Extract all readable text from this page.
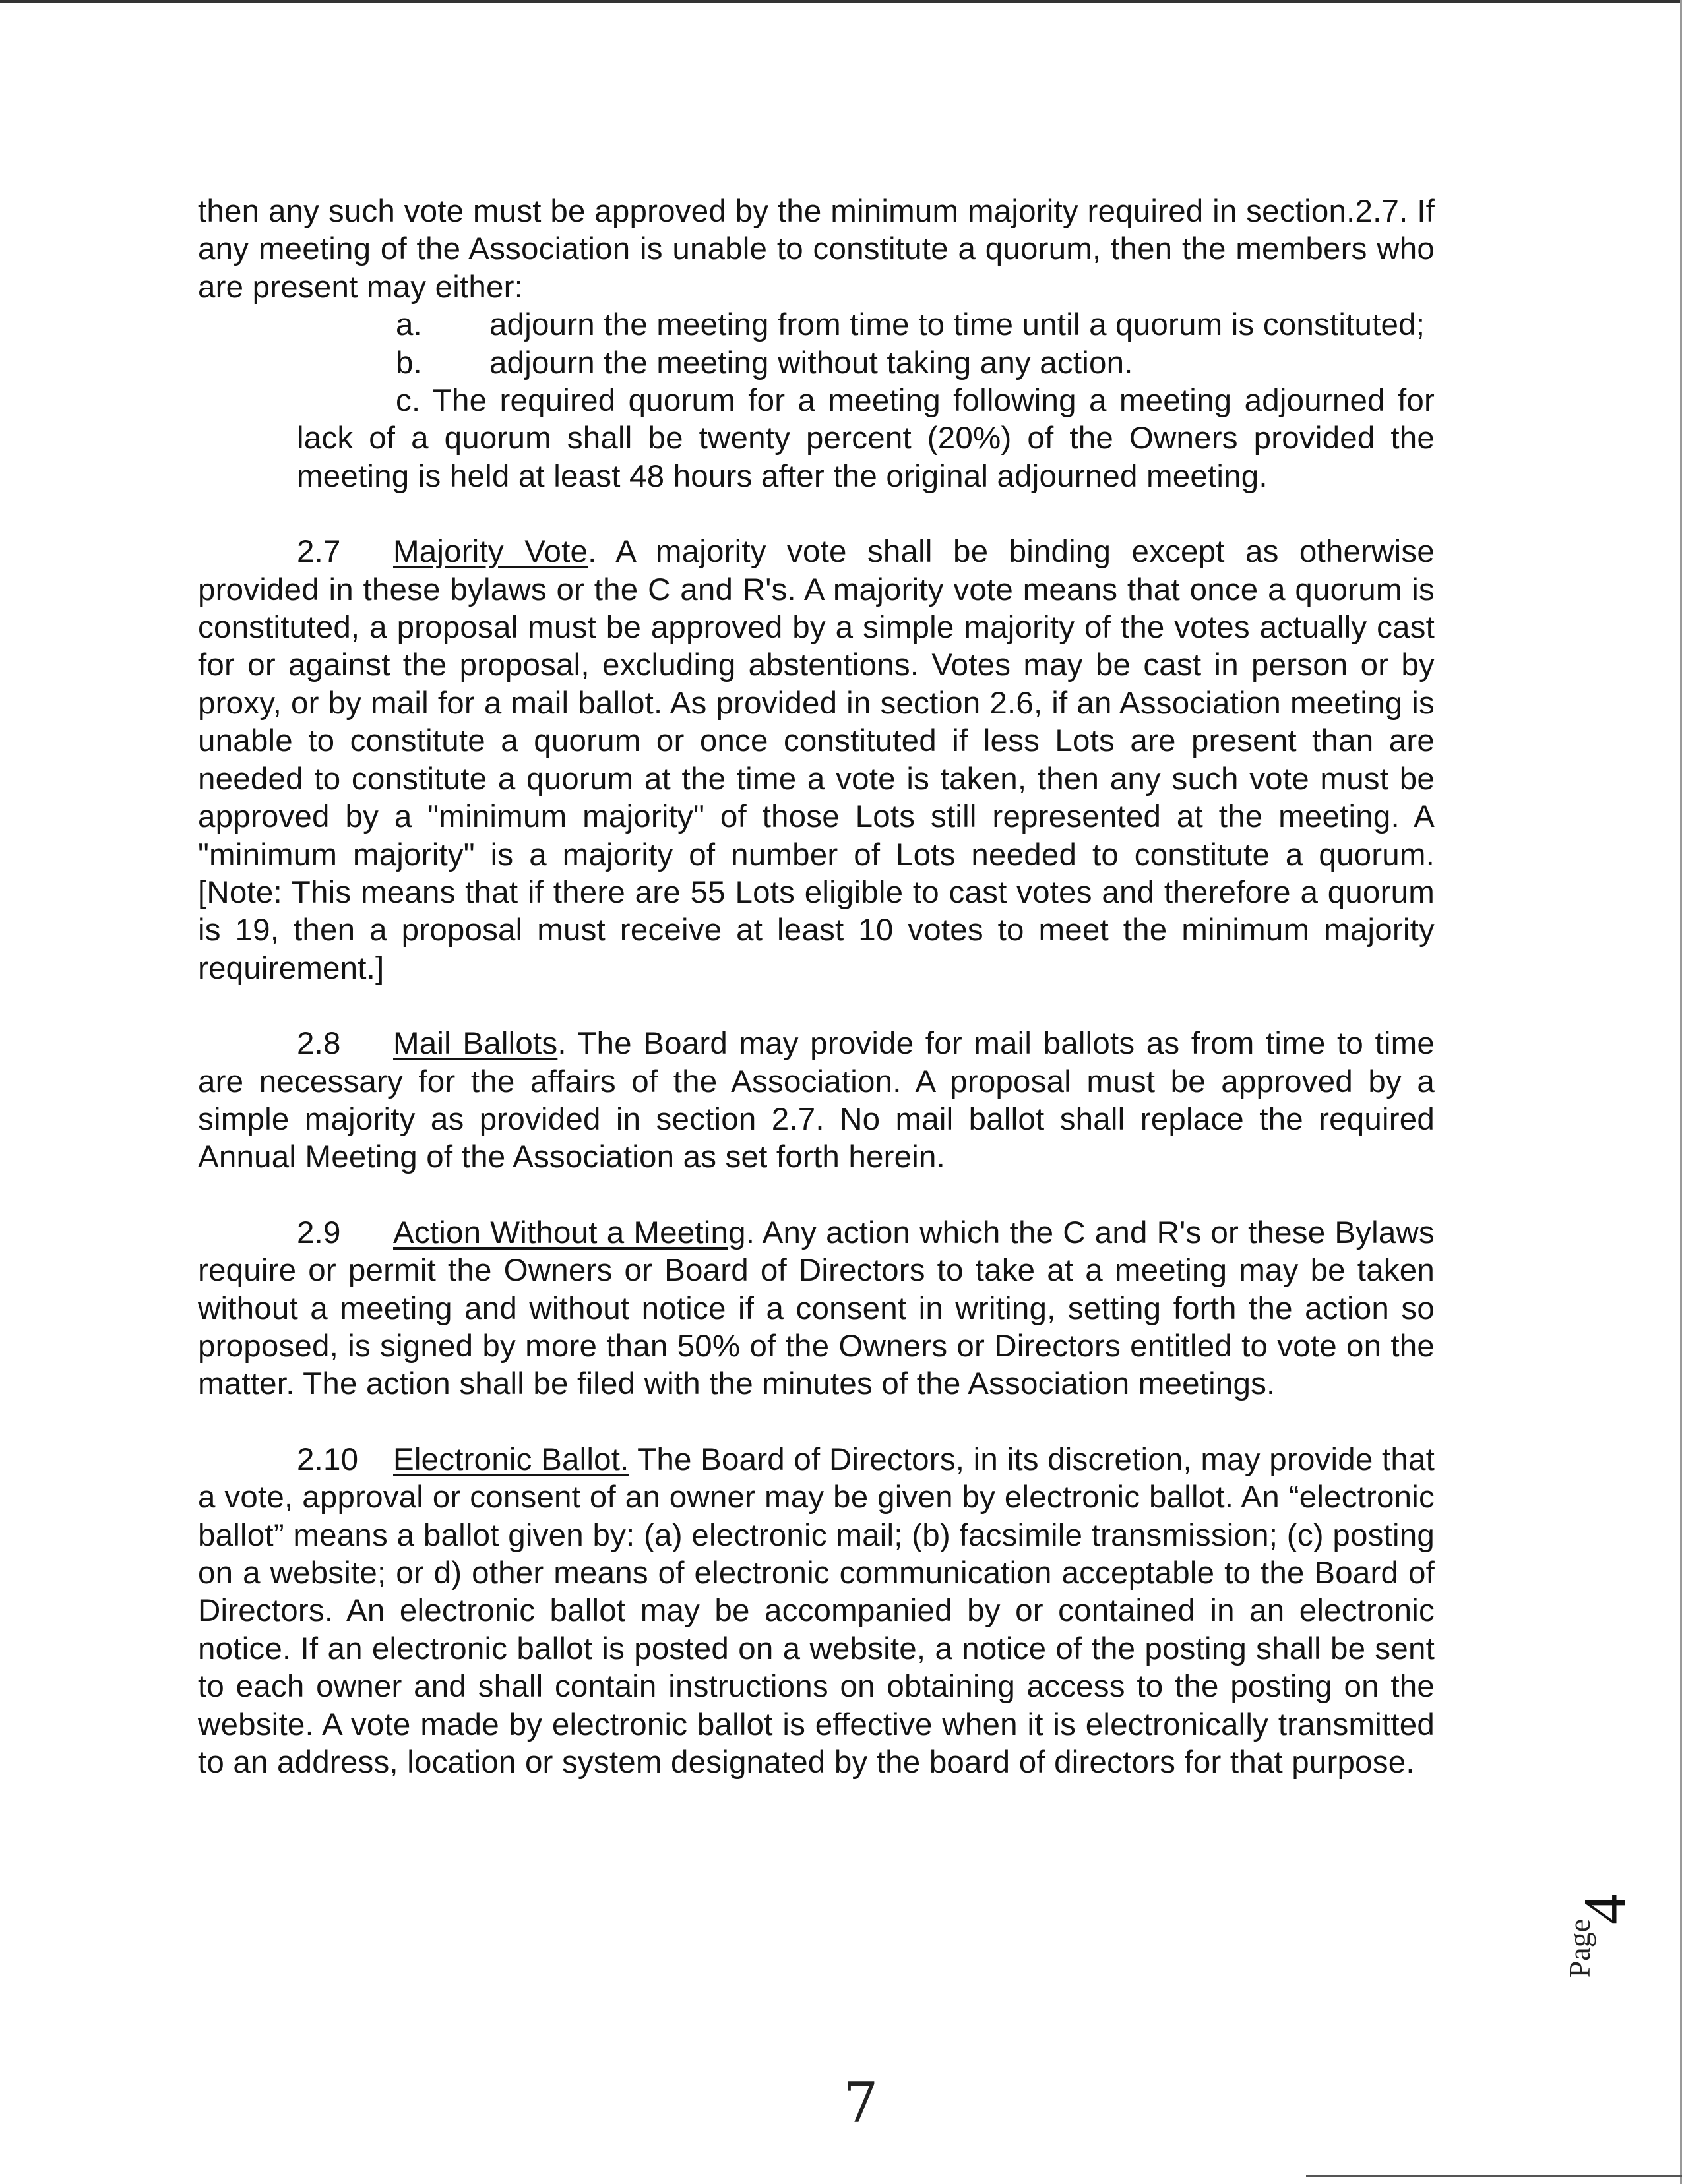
then any such vote must be approved by the minimum majority required in section.2.7. If any meeting of the Association is unable to constitute a quorum, then the members who are present may either:

a. adjourn the meeting from time to time until a quorum is constituted;

b. adjourn the meeting without taking any action.

c. The required quorum for a meeting following a meeting adjourned for lack of a quorum shall be twenty percent (20%) of the Owners provided the meeting is held at least 48 hours after the original adjourned meeting.

2.7 Majority Vote. A majority vote shall be binding except as otherwise provided in these bylaws or the C and R's. A majority vote means that once a quorum is constituted, a proposal must be approved by a simple majority of the votes actually cast for or against the proposal, excluding abstentions. Votes may be cast in person or by proxy, or by mail for a mail ballot. As provided in section 2.6, if an Association meeting is unable to constitute a quorum or once constituted if less Lots are present than are needed to constitute a quorum at the time a vote is taken, then any such vote must be approved by a "minimum majority" of those Lots still represented at the meeting. A "minimum majority" is a majority of number of Lots needed to constitute a quorum. [Note: This means that if there are 55 Lots eligible to cast votes and therefore a quorum is 19, then a proposal must receive at least 10 votes to meet the minimum majority requirement.]

2.8 Mail Ballots. The Board may provide for mail ballots as from time to time are necessary for the affairs of the Association. A proposal must be approved by a simple majority as provided in section 2.7. No mail ballot shall replace the required Annual Meeting of the Association as set forth herein.

2.9 Action Without a Meeting. Any action which the C and R's or these Bylaws require or permit the Owners or Board of Directors to take at a meeting may be taken without a meeting and without notice if a consent in writing, setting forth the action so proposed, is signed by more than 50% of the Owners or Directors entitled to vote on the matter. The action shall be filed with the minutes of the Association meetings.

2.10 Electronic Ballot. The Board of Directors, in its discretion, may provide that a vote, approval or consent of an owner may be given by electronic ballot. An “electronic ballot” means a ballot given by: (a) electronic mail; (b) facsimile transmission; (c) posting on a website; or d) other means of electronic communication acceptable to the Board of Directors. An electronic ballot may be accompanied by or contained in an electronic notice. If an electronic ballot is posted on a website, a notice of the posting shall be sent to each owner and shall contain instructions on obtaining access to the posting on the website. A vote made by electronic ballot is effective when it is electronically transmitted to an address, location or system designated by the board of directors for that purpose.

Page
4
7
